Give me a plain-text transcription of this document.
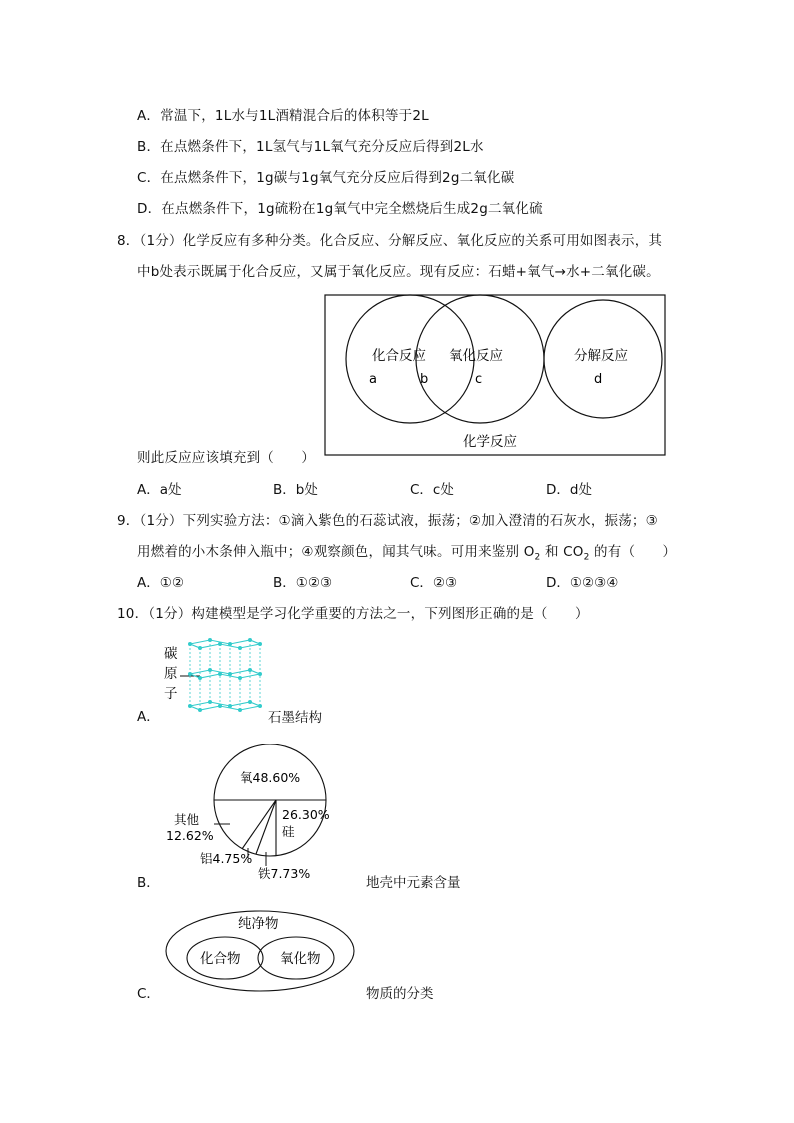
A．常温下，1L水与1L酒精混合后的体积等于2L
B．在点燃条件下，1L氢气与1L氧气充分反应后得到2L水
C．在点燃条件下，1g碳与1g氧气充分反应后得到2g二氧化碳
D．在点燃条件下，1g硫粉在1g氧气中完全燃烧后生成2g二氧化硫
8．（1分）化学反应有多种分类。化合反应、分解反应、氧化反应的关系可用如图表示，其
中b处表示既属于化合反应，又属于氧化反应。现有反应：石蜡+氧气→水+二氧化碳。
化合反应 氧化反应	分解反应
a	b	c	d
化学反应
则此反应应该填充到（　　）
A．a处	B．b处	C．c处	D．d处
9．（1分）下列实验方法：①滴入紫色的石蕊试液，振荡；②加入澄清的石灰水，振荡；③
用燃着的小木条伸入瓶中；④观察颜色，闻其气味。可用来鉴别 $O_2$ 和 $CO_2$ 的有（　　）
A．①②	B．①②③	C．②③	D．①②③④
10．（1分）构建模型是学习化学重要的方法之一，下列图形正确的是（　　）
A．
碳
原
子
石墨结构
B．
氧48.60%
26.30%
硅
其他
12.62%
铝4.75%
铁7.73%
地壳中元素含量
C．
纯净物
化合物	氧化物
物质的分类
